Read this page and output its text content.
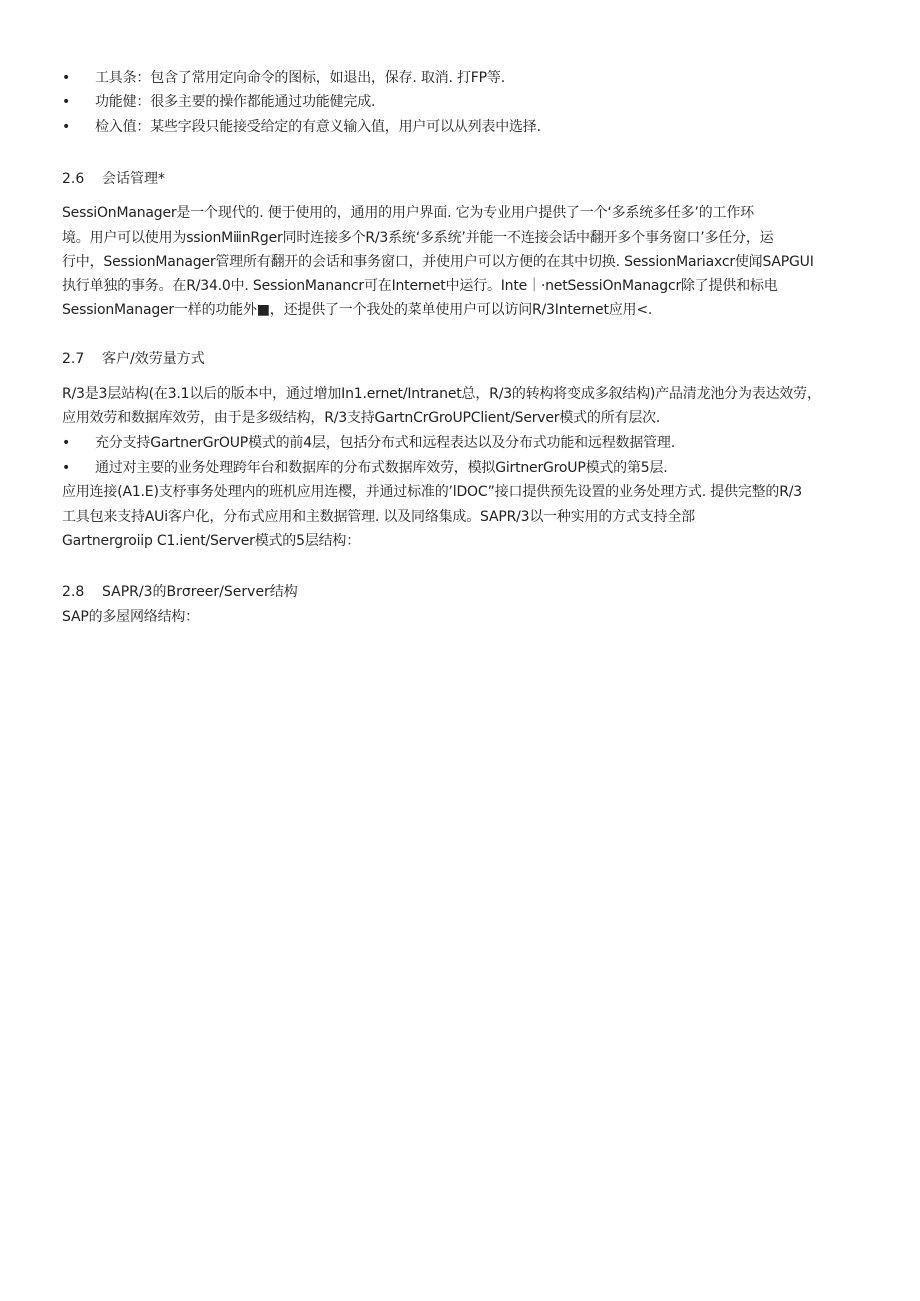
• 工具条：包含了常用定向命令的图标，如退出，保存. 取消. 打FP等.
• 功能健：很多主要的操作都能通过功能健完成.
• 检入值：某些字段只能接受给定的有意义输入值，用户可以从列表中选择.
2.6 会话管理*
SessiOnManager是一个现代的. 便于使用的，通用的用户界面. 它为专业用户提供了一个‘多系统多任多’的工作环
境。用户可以使用为ssionMⅲnRger同时连接多个R/3系统‘多系统’并能一不连接会话中翻开多个事务窗口’多任分，运
行中，SessionManager管理所有翻开的会话和事务窗口，并使用户可以方便的在其中切换. SessionMariaxcr使闻SAPGUI
执行单独的事务。在R/34.0中. SessionManancr可在Internet中运行。Inte｜·netSessiOnManagcr除了提供和标电
SessionManager一样的功能外■，还提供了一个我处的菜单使用户可以访问R/3Internet应用<.
2.7 客户/效劳量方式
R/3是3层站构(在3.1以后的版本中，通过增加In1.ernet/Intranet总，R/3的转构将变成多叙结构)产品清龙池分为表达效劳，
应用效劳和数据库效劳，由于是多级结构，R/3支持GartnCrGroUPClient/Server模式的所有层次.
• 充分支持GartnerGrOUP模式的前4层，包括分布式和远程表达以及分布式功能和远程数据管理.
• 通过对主要的业务处理跨年台和数据库的分布式数据库效劳，模拟GⅰrtnerGroUP模式的第5层.
应用连接(A1.E)支杼事务处理内的班机应用连樱，并通过标准的’lDOC”接口提供预先设置的业务处理方式. 提供完整的R/3
工具包来支持AUi客户化，分布式应用和主数据管理. 以及同络集成。SAPR/3以一种实用的方式支持全部
Gartnergroiip C1.ient/Server模式的5层结构：
2.8 SAPR/3的Brσreer/Server结构
SAP的多屋网络结构：
